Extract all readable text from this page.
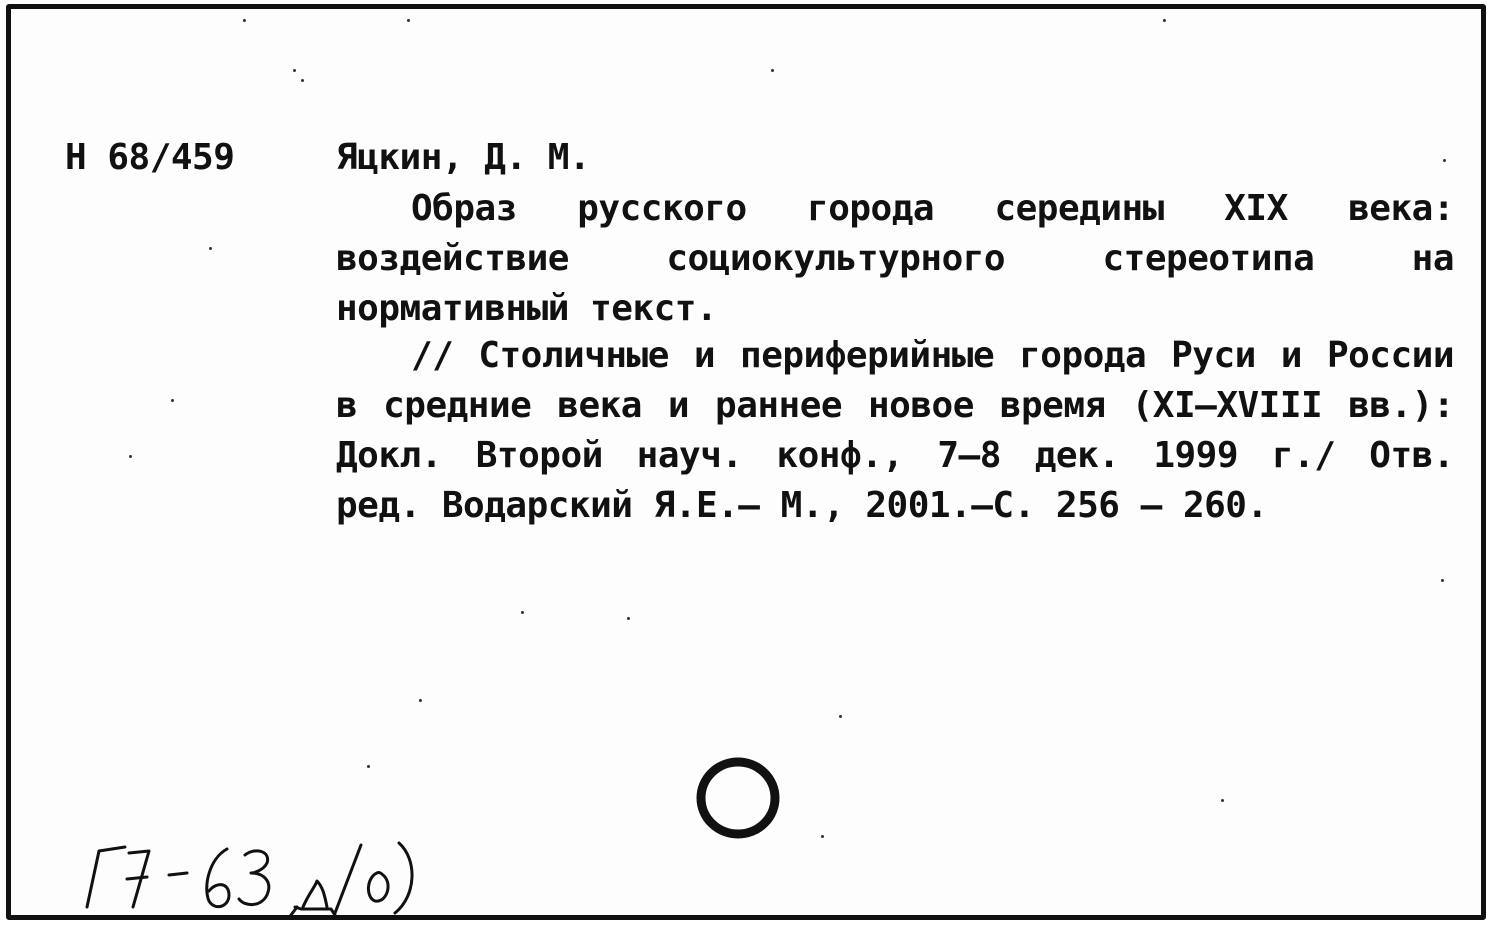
Н 68/459	Яцкин, Д. М.

Образ русского города середины XIX века: воздействие социокультурного стереотипа на нормативный текст.

// Столичные и периферийные города Руси и России в средние века и раннее новое время (XI–XVIII вв.): Докл. Второй науч. конф., 7–8 дек. 1999 г./ Отв. ред. Водарский Я.Е.– М., 2001.–С. 256 – 260.
